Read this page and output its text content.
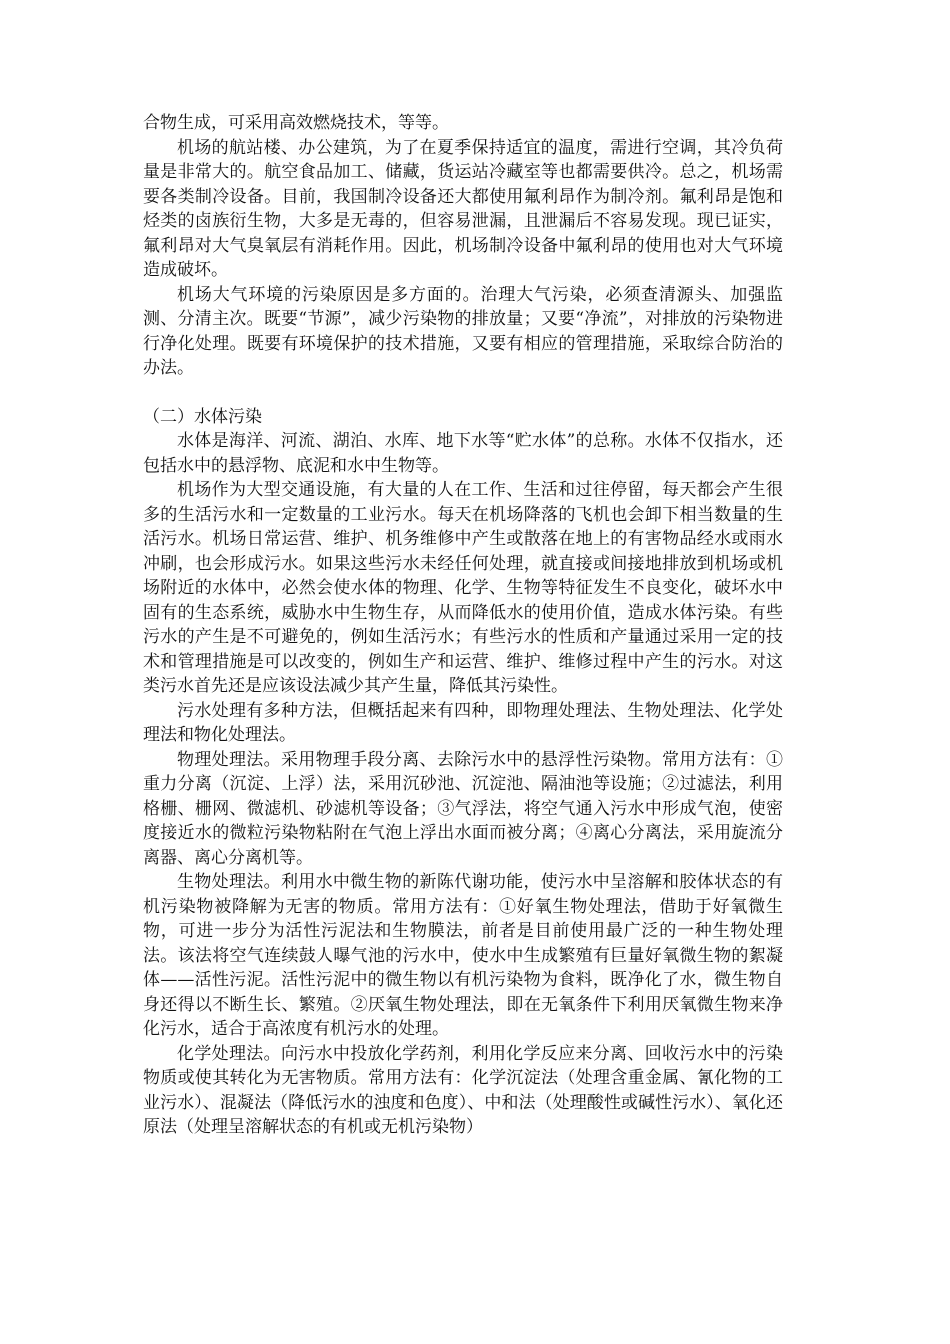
合物生成，可采用高效燃烧技术，等等。

机场的航站楼、办公建筑，为了在夏季保持适宜的温度，需进行空调，其冷负荷量是非常大的。航空食品加工、储藏，货运站冷藏室等也都需要供冷。总之，机场需要各类制冷设备。目前，我国制冷设备还大都使用氟利昂作为制冷剂。氟利昂是饱和烃类的卤族衍生物，大多是无毒的，但容易泄漏，且泄漏后不容易发现。现已证实，氟利昂对大气臭氧层有消耗作用。因此，机场制冷设备中氟利昂的使用也对大气环境造成破坏。

机场大气环境的污染原因是多方面的。治理大气污染，必须查清源头、加强监测、分清主次。既要“节源”，减少污染物的排放量；又要“净流”，对排放的污染物进行净化处理。既要有环境保护的技术措施，又要有相应的管理措施，采取综合防治的办法。

（二）水体污染

水体是海洋、河流、湖泊、水库、地下水等“贮水体”的总称。水体不仅指水，还包括水中的悬浮物、底泥和水中生物等。

机场作为大型交通设施，有大量的人在工作、生活和过往停留，每天都会产生很多的生活污水和一定数量的工业污水。每天在机场降落的飞机也会卸下相当数量的生活污水。机场日常运营、维护、机务维修中产生或散落在地上的有害物品经水或雨水冲刷，也会形成污水。如果这些污水未经任何处理，就直接或间接地排放到机场或机场附近的水体中，必然会使水体的物理、化学、生物等特征发生不良变化，破坏水中固有的生态系统，威胁水中生物生存，从而降低水的使用价值，造成水体污染。有些污水的产生是不可避免的，例如生活污水；有些污水的性质和产量通过采用一定的技术和管理措施是可以改变的，例如生产和运营、维护、维修过程中产生的污水。对这类污水首先还是应该设法减少其产生量，降低其污染性。

污水处理有多种方法，但概括起来有四种，即物理处理法、生物处理法、化学处理法和物化处理法。

物理处理法。采用物理手段分离、去除污水中的悬浮性污染物。常用方法有：①重力分离（沉淀、上浮）法，采用沉砂池、沉淀池、隔油池等设施；②过滤法，利用格栅、栅网、微滤机、砂滤机等设备；③气浮法，将空气通入污水中形成气泡，使密度接近水的微粒污染物粘附在气泡上浮出水面而被分离；④离心分离法，采用旋流分离器、离心分离机等。

生物处理法。利用水中微生物的新陈代谢功能，使污水中呈溶解和胶体状态的有机污染物被降解为无害的物质。常用方法有：①好氧生物处理法，借助于好氧微生物，可进一步分为活性污泥法和生物膜法，前者是目前使用最广泛的一种生物处理法。该法将空气连续鼓人曝气池的污水中，使水中生成繁殖有巨量好氧微生物的絮凝体——活性污泥。活性污泥中的微生物以有机污染物为食料，既净化了水，微生物自身还得以不断生长、繁殖。②厌氧生物处理法，即在无氧条件下利用厌氧微生物来净化污水，适合于高浓度有机污水的处理。

化学处理法。向污水中投放化学药剂，利用化学反应来分离、回收污水中的污染物质或使其转化为无害物质。常用方法有：化学沉淀法（处理含重金属、氰化物的工业污水）、混凝法（降低污水的浊度和色度）、中和法（处理酸性或碱性污水）、氧化还原法（处理呈溶解状态的有机或无机污染物）
